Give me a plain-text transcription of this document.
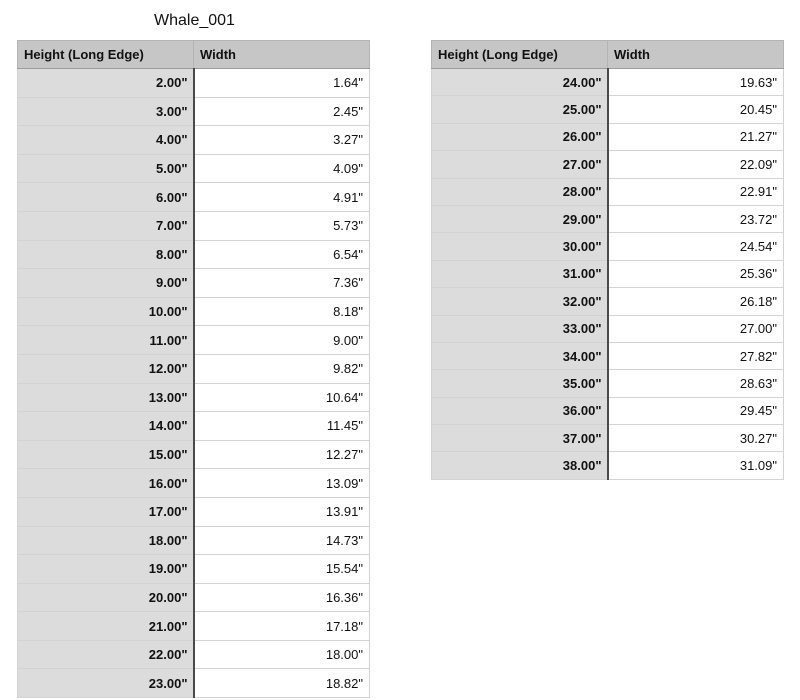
Whale_001
Height (Long Edge)	Width
2.00"	1.64"
3.00"	2.45"
4.00"	3.27"
5.00"	4.09"
6.00"	4.91"
7.00"	5.73"
8.00"	6.54"
9.00"	7.36"
10.00"	8.18"
11.00"	9.00"
12.00"	9.82"
13.00"	10.64"
14.00"	11.45"
15.00"	12.27"
16.00"	13.09"
17.00"	13.91"
18.00"	14.73"
19.00"	15.54"
20.00"	16.36"
21.00"	17.18"
22.00"	18.00"
23.00"	18.82"
Height (Long Edge)	Width
24.00"	19.63"
25.00"	20.45"
26.00"	21.27"
27.00"	22.09"
28.00"	22.91"
29.00"	23.72"
30.00"	24.54"
31.00"	25.36"
32.00"	26.18"
33.00"	27.00"
34.00"	27.82"
35.00"	28.63"
36.00"	29.45"
37.00"	30.27"
38.00"	31.09"
